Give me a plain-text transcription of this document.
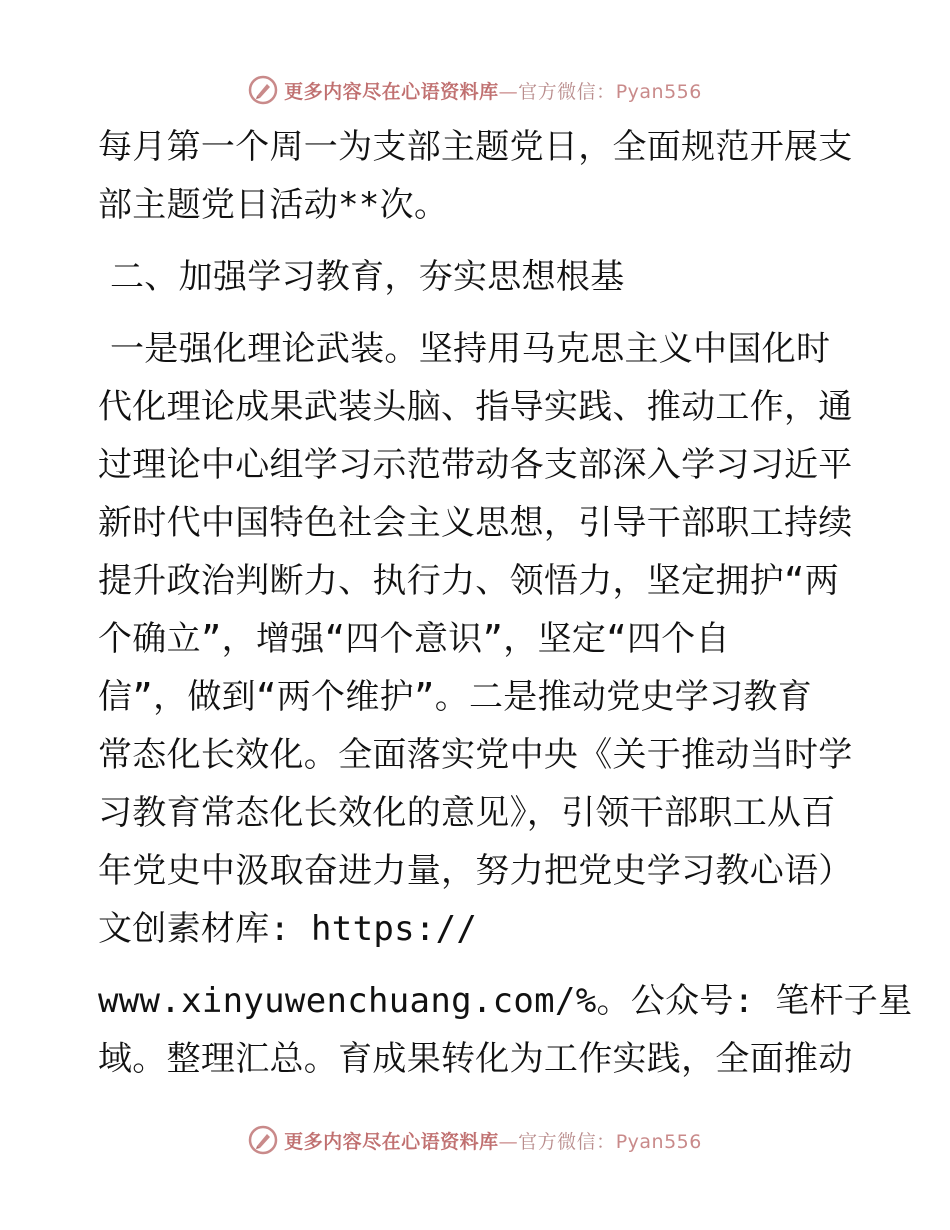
更多内容尽在心语资料库—官方微信：Pyan556
每月第一个周一为支部主题党日，全面规范开展支
部主题党日活动**次。
二、加强学习教育，夯实思想根基
一是强化理论武装。坚持用马克思主义中国化时
代化理论成果武装头脑、指导实践、推动工作，通
过理论中心组学习示范带动各支部深入学习习近平
新时代中国特色社会主义思想，引导干部职工持续
提升政治判断力、执行力、领悟力，坚定拥护“两
个确立”，增强“四个意识”，坚定“四个自
信”，做到“两个维护”。二是推动党史学习教育
常态化长效化。全面落实党中央《关于推动当时学
习教育常态化长效化的意见》，引领干部职工从百
年党史中汲取奋进力量，努力把党史学习教心语）
文创素材库: https://
www.xinyuwenchuang.com/%。公众号: 笔杆子星
域。整理汇总。育成果转化为工作实践，全面推动
更多内容尽在心语资料库—官方微信：Pyan556
